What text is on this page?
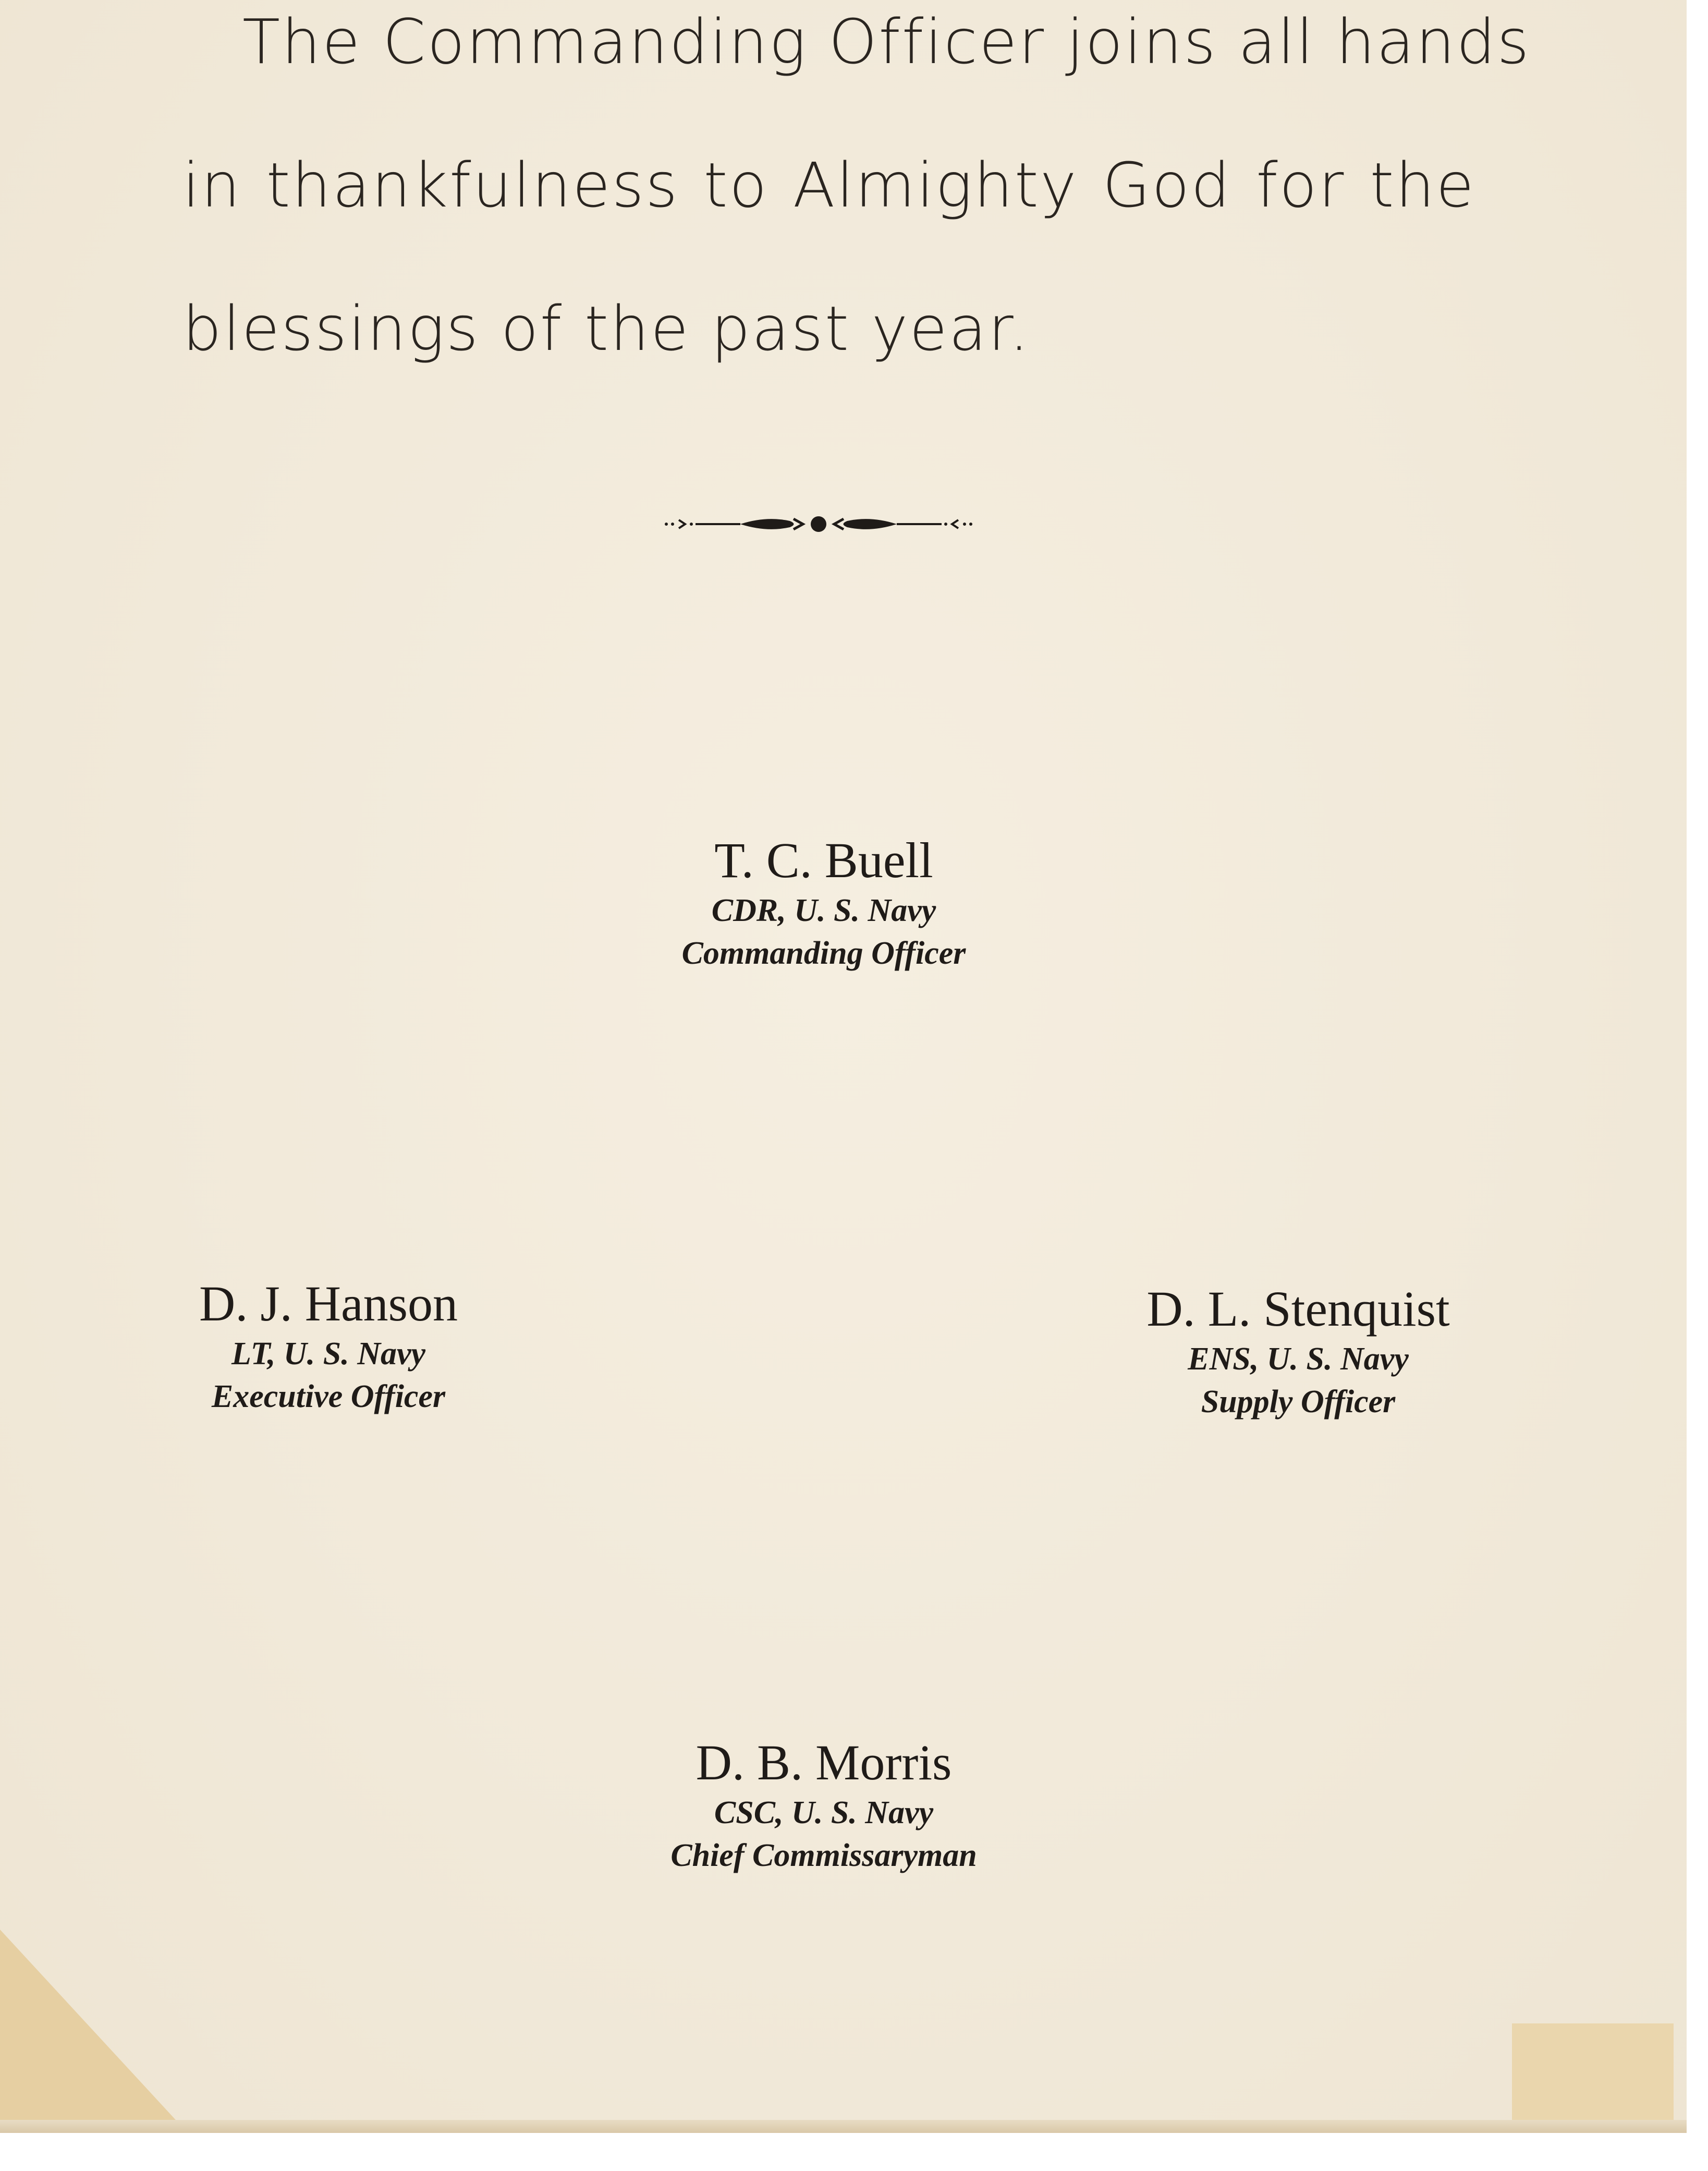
The Commanding Officer joins all hands
in thankfulness to Almighty God for the
blessings of the past year.
T. C. Buell
CDR, U. S. Navy
Commanding Officer
D. J. Hanson
LT, U. S. Navy
Executive Officer
D. L. Stenquist
ENS, U. S. Navy
Supply Officer
D. B. Morris
CSC, U. S. Navy
Chief Commissaryman
